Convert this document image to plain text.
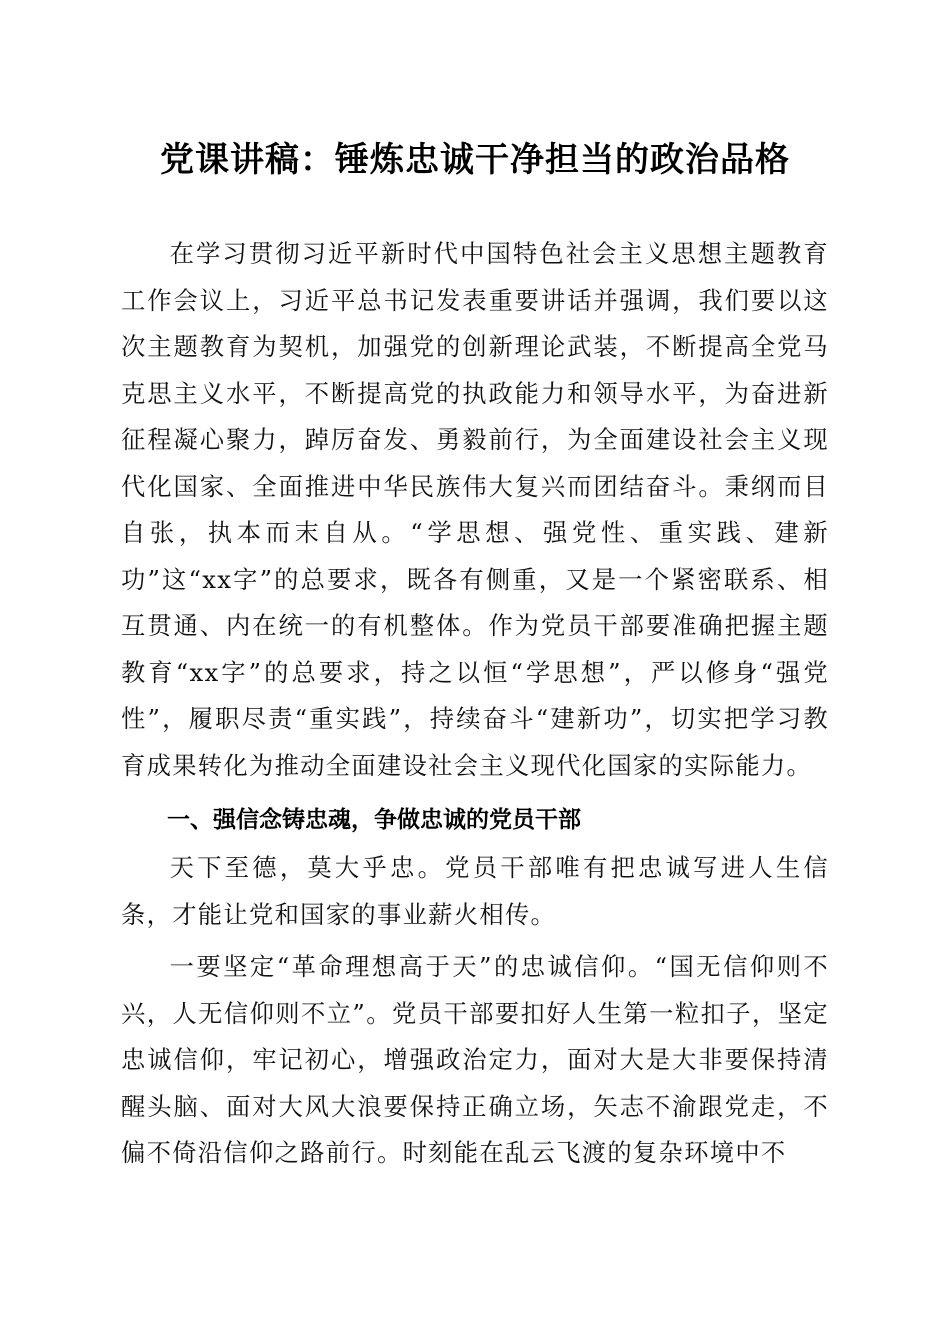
党课讲稿：锤炼忠诚干净担当的政治品格

在学习贯彻习近平新时代中国特色社会主义思想主题教育工作会议上，习近平总书记发表重要讲话并强调，我们要以这次主题教育为契机，加强党的创新理论武装，不断提高全党马克思主义水平，不断提高党的执政能力和领导水平，为奋进新征程凝心聚力，踔厉奋发、勇毅前行，为全面建设社会主义现代化国家、全面推进中华民族伟大复兴而团结奋斗。秉纲而目自张，执本而末自从。“学思想、强党性、重实践、建新功”这“xx字”的总要求，既各有侧重，又是一个紧密联系、相互贯通、内在统一的有机整体。作为党员干部要准确把握主题教育“xx字”的总要求，持之以恒“学思想”，严以修身“强党性”，履职尽责“重实践”，持续奋斗“建新功”，切实把学习教育成果转化为推动全面建设社会主义现代化国家的实际能力。

一、强信念铸忠魂，争做忠诚的党员干部

天下至德，莫大乎忠。党员干部唯有把忠诚写进人生信条，才能让党和国家的事业薪火相传。

一要坚定“革命理想高于天”的忠诚信仰。“国无信仰则不兴，人无信仰则不立”。党员干部要扣好人生第一粒扣子，坚定忠诚信仰，牢记初心，增强政治定力，面对大是大非要保持清醒头脑、面对大风大浪要保持正确立场，矢志不渝跟党走，不偏不倚沿信仰之路前行。时刻能在乱云飞渡的复杂环境中不
